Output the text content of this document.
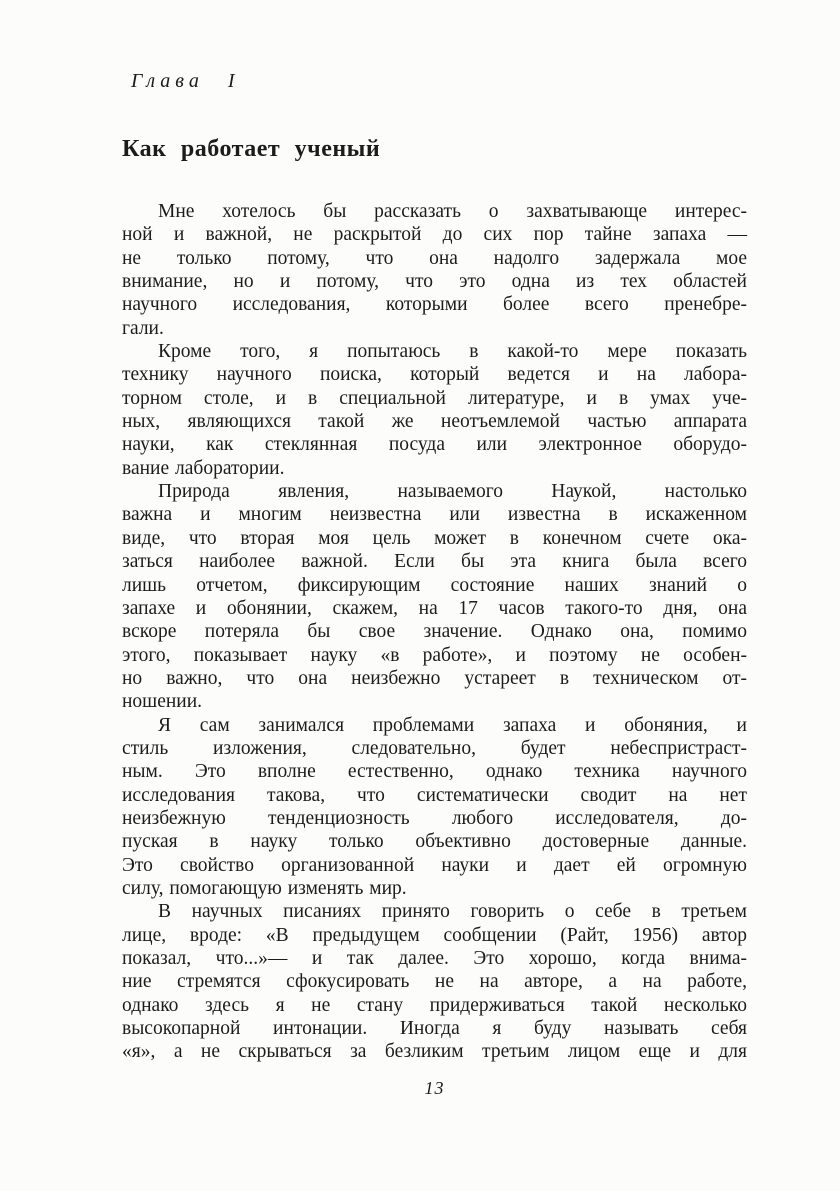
Глава I
Как работает ученый
Мне хотелось бы рассказать о захватывающе интерес-
ной и важной, не раскрытой до сих пор тайне запаха —
не только потому, что она надолго задержала мое
внимание, но и потому, что это одна из тех областей
научного исследования, которыми более всего пренебре-
гали.
Кроме того, я попытаюсь в какой-то мере показать
технику научного поиска, который ведется и на лабора-
торном столе, и в специальной литературе, и в умах уче-
ных, являющихся такой же неотъемлемой частью аппарата
науки, как стеклянная посуда или электронное оборудо-
вание лаборатории.
Природа явления, называемого Наукой, настолько
важна и многим неизвестна или известна в искаженном
виде, что вторая моя цель может в конечном счете ока-
заться наиболее важной. Если бы эта книга была всего
лишь отчетом, фиксирующим состояние наших знаний о
запахе и обонянии, скажем, на 17 часов такого-то дня, она
вскоре потеряла бы свое значение. Однако она, помимо
этого, показывает науку «в работе», и поэтому не особен-
но важно, что она неизбежно устареет в техническом от-
ношении.
Я сам занимался проблемами запаха и обоняния, и
стиль изложения, следовательно, будет небеспристраст-
ным. Это вполне естественно, однако техника научного
исследования такова, что систематически сводит на нет
неизбежную тенденциозность любого исследователя, до-
пуская в науку только объективно достоверные данные.
Это свойство организованной науки и дает ей огромную
силу, помогающую изменять мир.
В научных писаниях принято говорить о себе в третьем
лице, вроде: «В предыдущем сообщении (Райт, 1956) автор
показал, что...»— и так далее. Это хорошо, когда внима-
ние стремятся сфокусировать не на авторе, а на работе,
однако здесь я не стану придерживаться такой несколько
высокопарной интонации. Иногда я буду называть себя
«я», а не скрываться за безликим третьим лицом еще и для
13
